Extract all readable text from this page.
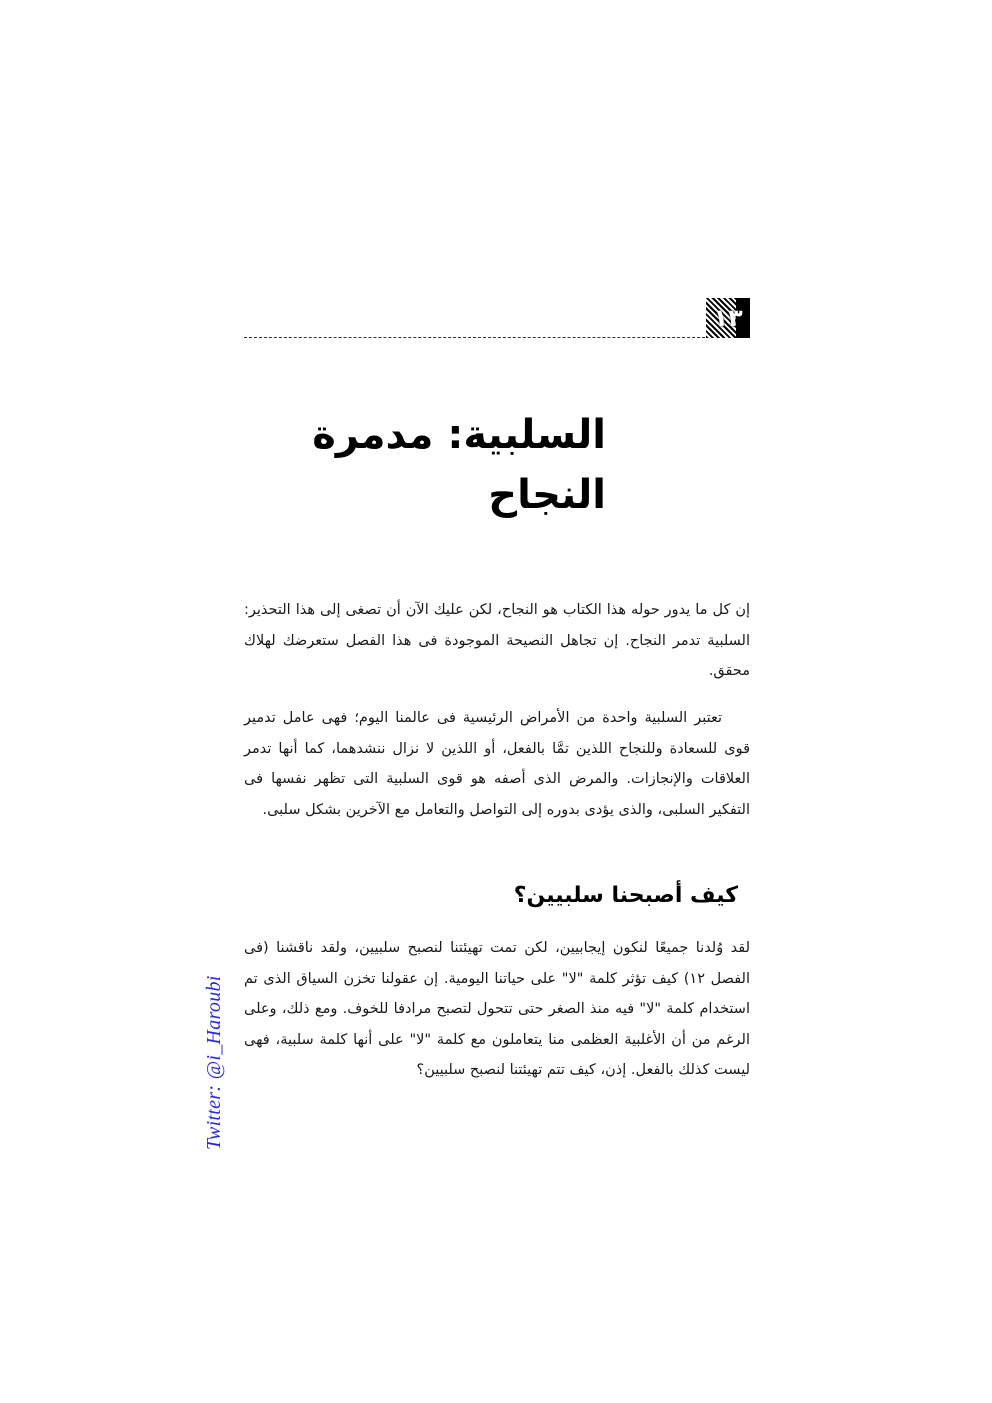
١٣
السلبية: مدمرة النجاح

إن كل ما يدور حوله هذا الكتاب هو النجاح، لكن عليك الآن أن تصغى إلى هذا التحذير: السلبية تدمر النجاح. إن تجاهل النصيحة الموجودة فى هذا الفصل ستعرضك لهلاك محقق.

تعتبر السلبية واحدة من الأمراض الرئيسية فى عالمنا اليوم؛ فهى عامل تدمير قوى للسعادة وللنجاح اللذين تمَّا بالفعل، أو اللذين لا نزال ننشدهما، كما أنها تدمر العلاقات والإنجازات. والمرض الذى أصفه هو قوى السلبية التى تظهر نفسها فى التفكير السلبى، والذى يؤدى بدوره إلى التواصل والتعامل مع الآخرين بشكل سلبى.

كيف أصبحنا سلبيين؟

لقد وُلدنا جميعًا لنكون إيجابيين، لكن تمت تهيئتنا لنصبح سلبيين، ولقد ناقشنا (فى الفصل ١٢) كيف تؤثر كلمة "لا" على حياتنا اليومية. إن عقولنا تخزن السياق الذى تم استخدام كلمة "لا" فيه منذ الصغر حتى تتحول لتصبح مرادفا للخوف. ومع ذلك، وعلى الرغم من أن الأغلبية العظمى منا يتعاملون مع كلمة "لا" على أنها كلمة سلبية، فهى ليست كذلك بالفعل. إذن، كيف تتم تهيئتنا لنصبح سلبيين؟

Twitter: @i_Haroubi
